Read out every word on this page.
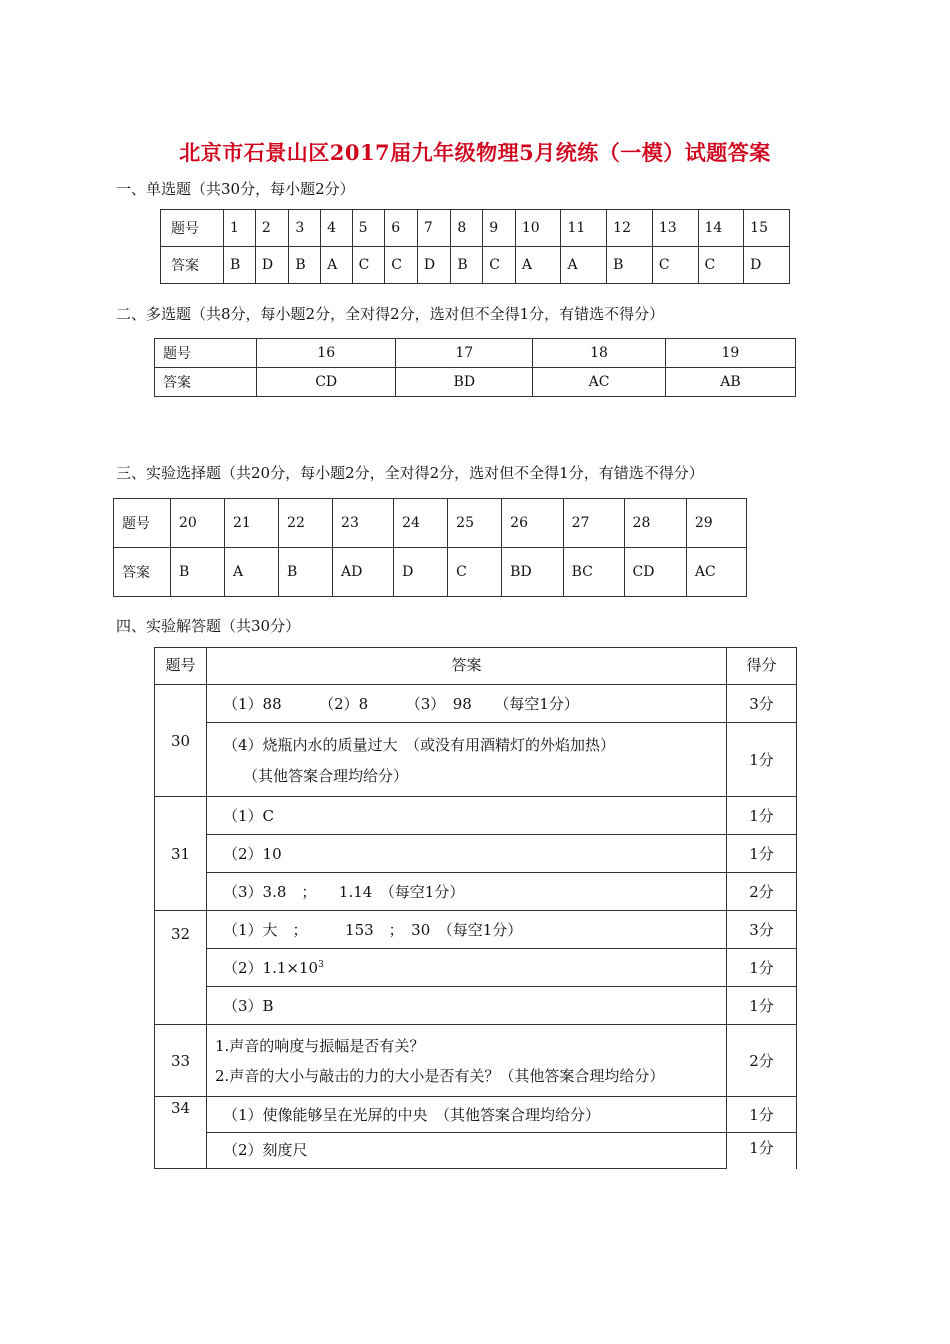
北京市石景山区2017届九年级物理5月统练（一模）试题答案
一、单选题（共30分，每小题2分）
题号	1	2	3	4	5	6	7	8	9	10	11	12	13	14	15
答案	B	D	B	A	C	C	D	B	C	A	A	B	C	C	D
二、多选题（共8分，每小题2分，全对得2分，选对但不全得1分，有错选不得分）
题号	16	17	18	19
答案	CD	BD	AC	AB
三、实验选择题（共20分，每小题2分，全对得2分，选对但不全得1分，有错选不得分）
题号	20	21	22	23	24	25	26	27	28	29
答案	B	A	B	AD	D	C	BD	BC	CD	AC
四、实验解答题（共30分）
题号	答案	得分
30	（1）88　　　（2）8　　　（3）　98　　（每空1分）	3分

	（4）烧瓶内水的质量过大　（或没有用酒精灯的外焰加热）
（其他答案合理均给分）	1分
31	（1）C	1分
	（2）10	1分
	（3）3.8　；　　1.14　（每空1分）	2分
32	（1）大　；　　　153　；　30　（每空1分）	3分
	$(2)1.1\times 10^3$	1分
	（3）B	1分
33	1.声音的响度与振幅是否有关？
2.声音的大小与敲击的力的大小是否有关？（其他答案合理均给分）	2分
34	（1）使像能够呈在光屏的中央　（其他答案合理均给分）	1分
	（2）刻度尺	1分
